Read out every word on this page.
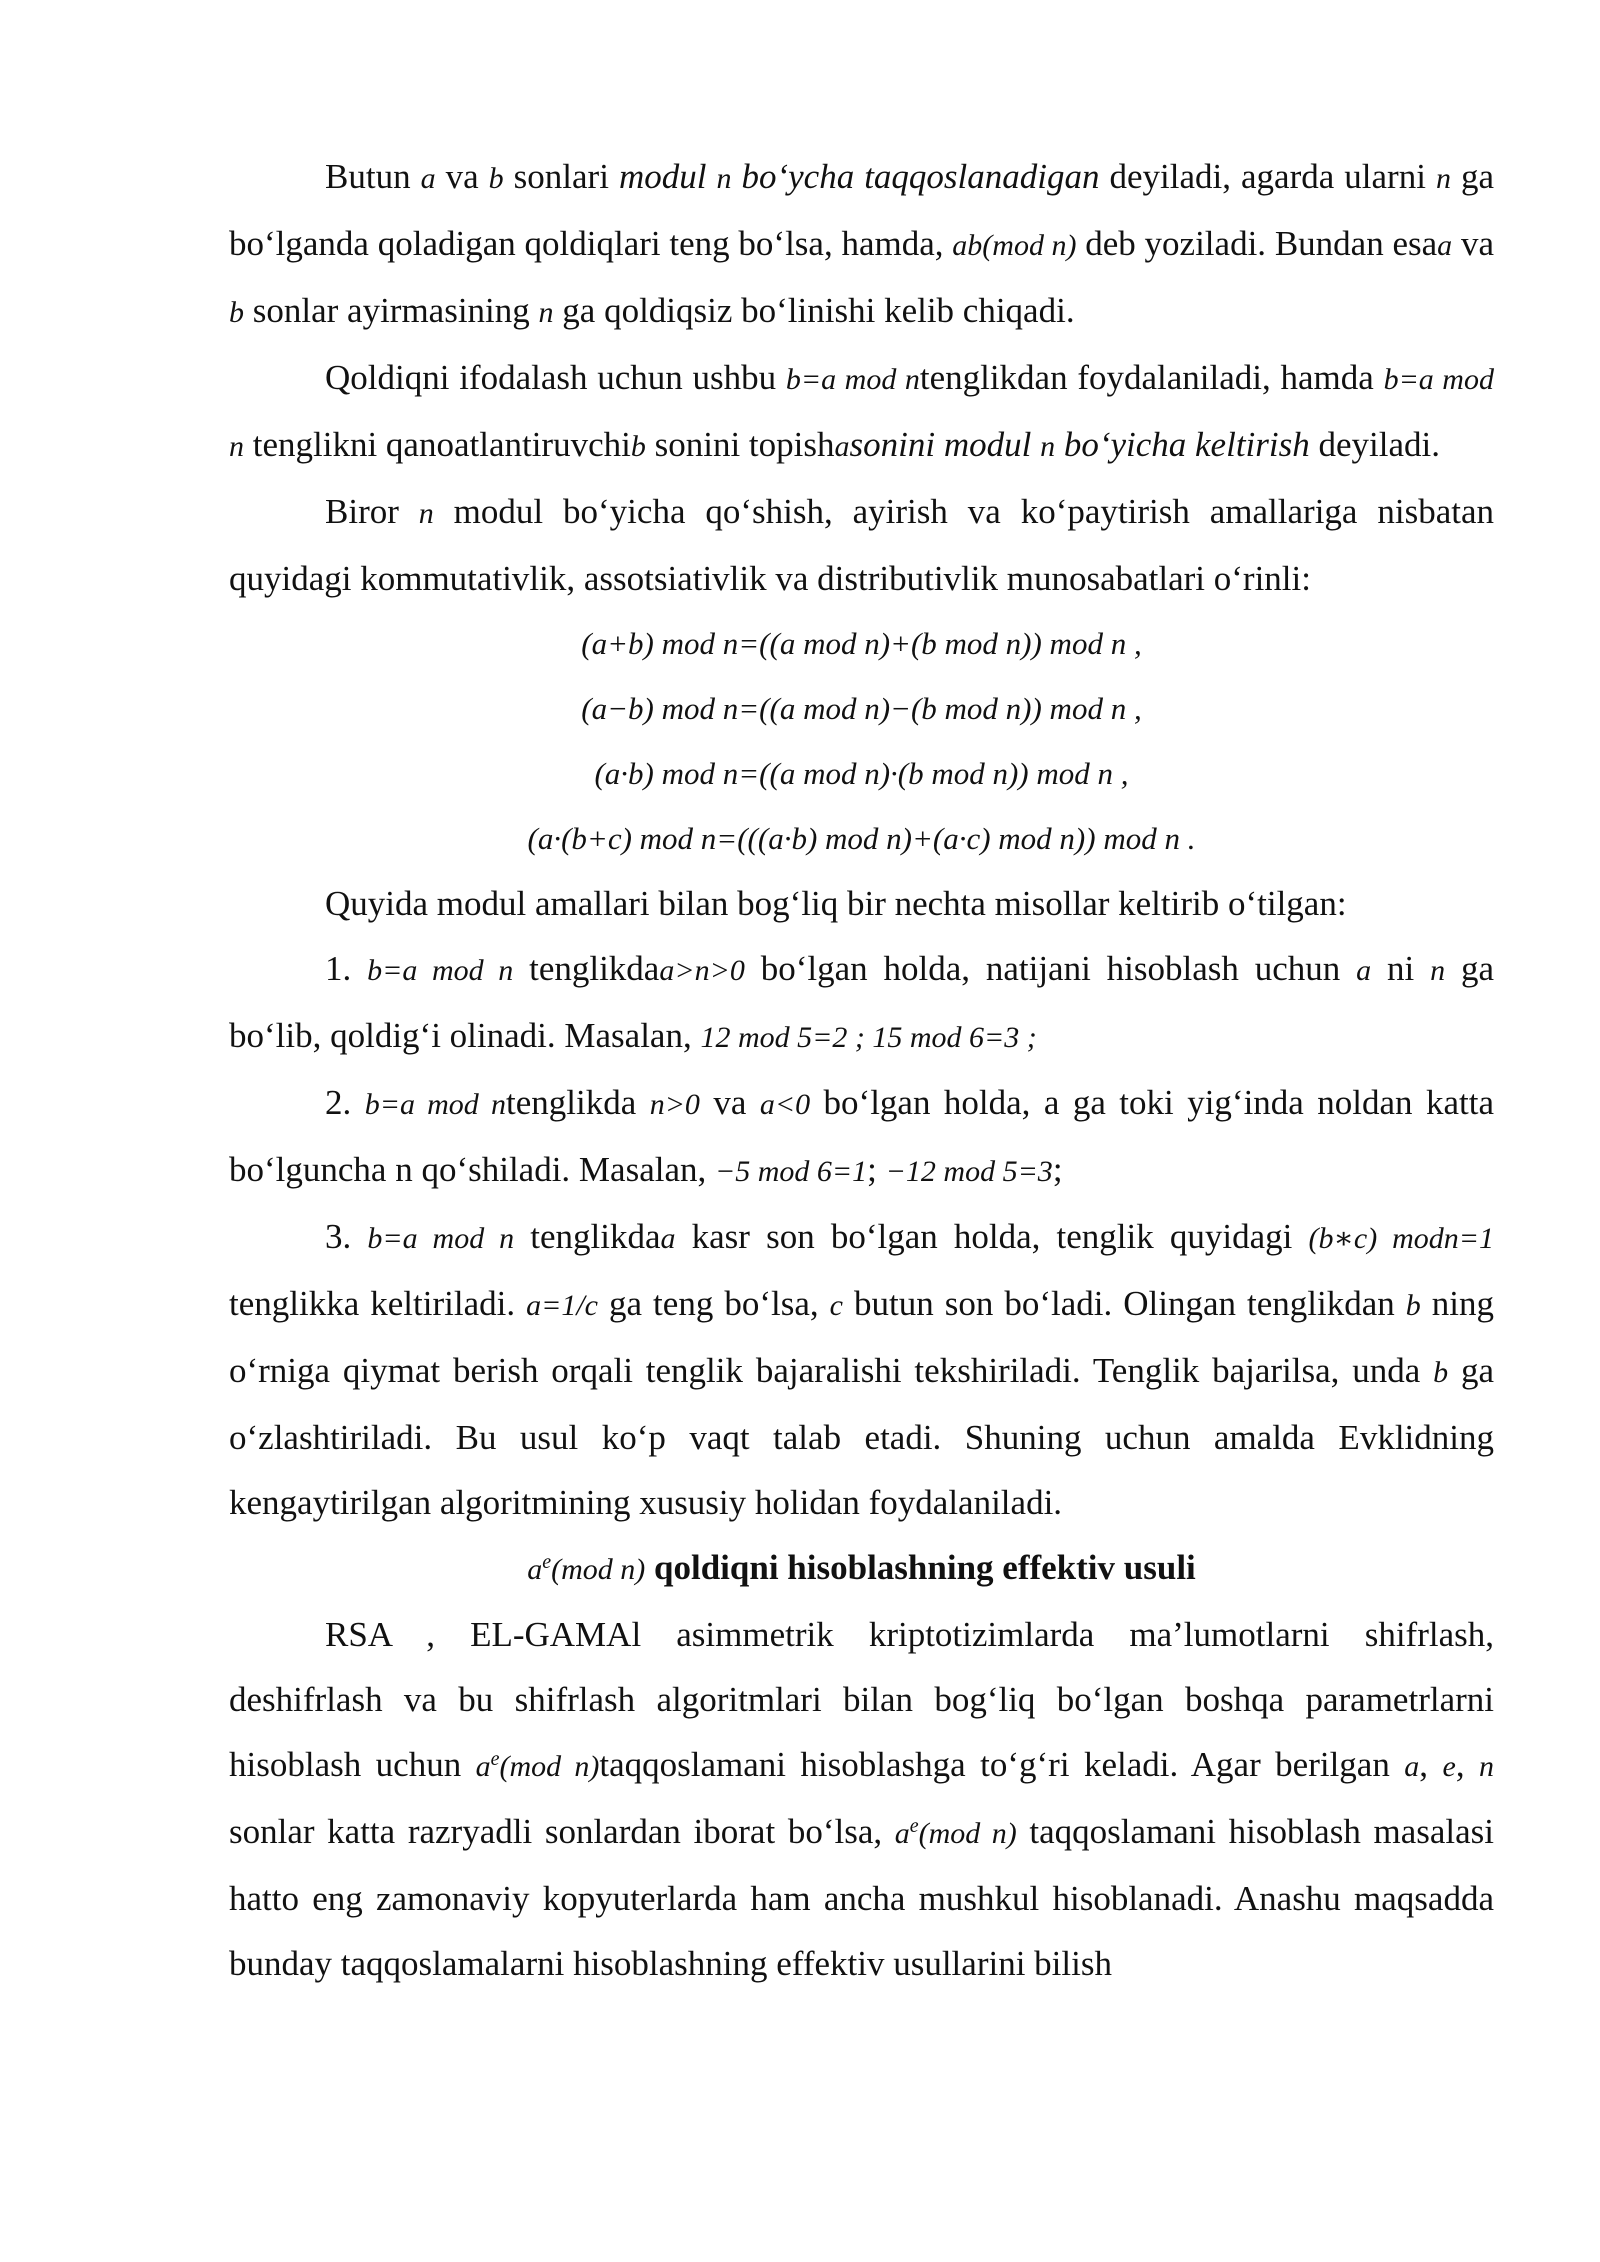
Butun a va b sonlari modul n bo‘ycha taqqoslanadigan deyiladi, agarda ularni n ga bo‘lganda qoladigan qoldiqlari teng bo‘lsa, hamda, ab(mod n) deb yoziladi. Bundan esaa va b sonlar ayirmasining n ga qoldiqsiz bo‘linishi kelib chiqadi.

Qoldiqni ifodalash uchun ushbu b=a mod ntenglikdan foydalaniladi, hamda b=a mod n tenglikni qanoatlantiruvchib sonini topishasonini modul n bo‘yicha keltirish deyiladi.

Biror n modul bo‘yicha qo‘shish, ayirish va ko‘paytirish amallariga nisbatan quyidagi kommutativlik, assotsiativlik va distributivlik munosabatlari o‘rinli:

(a+b) mod n=((a mod n)+(b mod n)) mod n ,
(a−b) mod n=((a mod n)−(b mod n)) mod n ,
(a·b) mod n=((a mod n)·(b mod n)) mod n ,
(a·(b+c) mod n=(((a·b) mod n)+(a·c) mod n)) mod n .

Quyida modul amallari bilan bog‘liq bir nechta misollar keltirib o‘tilgan:

1. b=a mod n tenglikdaa>n>0 bo‘lgan holda, natijani hisoblash uchun a ni n ga bo‘lib, qoldig‘i olinadi. Masalan, 12 mod 5=2 ; 15 mod 6=3 ;

2. b=a mod ntenglikda n>0 va a<0 bo‘lgan holda, a ga toki yig‘inda noldan katta bo‘lguncha n qo‘shiladi. Masalan, −5 mod 6=1; −12 mod 5=3;

3. b=a mod n tenglikdaa kasr son bo‘lgan holda, tenglik quyidagi (b∗c) modn=1 tenglikka keltiriladi. a=1/c ga teng bo‘lsa, c butun son bo‘ladi. Olingan tenglikdan b ning o‘rniga qiymat berish orqali tenglik bajaralishi tekshiriladi. Tenglik bajarilsa, unda b ga o‘zlashtiriladi. Bu usul ko‘p vaqt talab etadi. Shuning uchun amalda Evklidning kengaytirilgan algoritmining xususiy holidan foydalaniladi.

$a^e(mod$ n) qoldiqni hisoblashning effektiv usuli

RSA , EL-GAMAl asimmetrik kriptotizimlarda ma’lumotlarni shifrlash, deshifrlash va bu shifrlash algoritmlari bilan bog‘liq bo‘lgan boshqa parametrlarni hisoblash uchun $a^e(mod$ n)taqqoslamani hisoblashga to‘g‘ri keladi. Agar berilgan a, e, n sonlar katta razryadli sonlardan iborat bo‘lsa, $a^e(mod$ n) taqqoslamani hisoblash masalasi hatto eng zamonaviy kopyuterlarda ham ancha mushkul hisoblanadi. Anashu maqsadda bunday taqqoslamalarni hisoblashning effektiv usullarini bilish
